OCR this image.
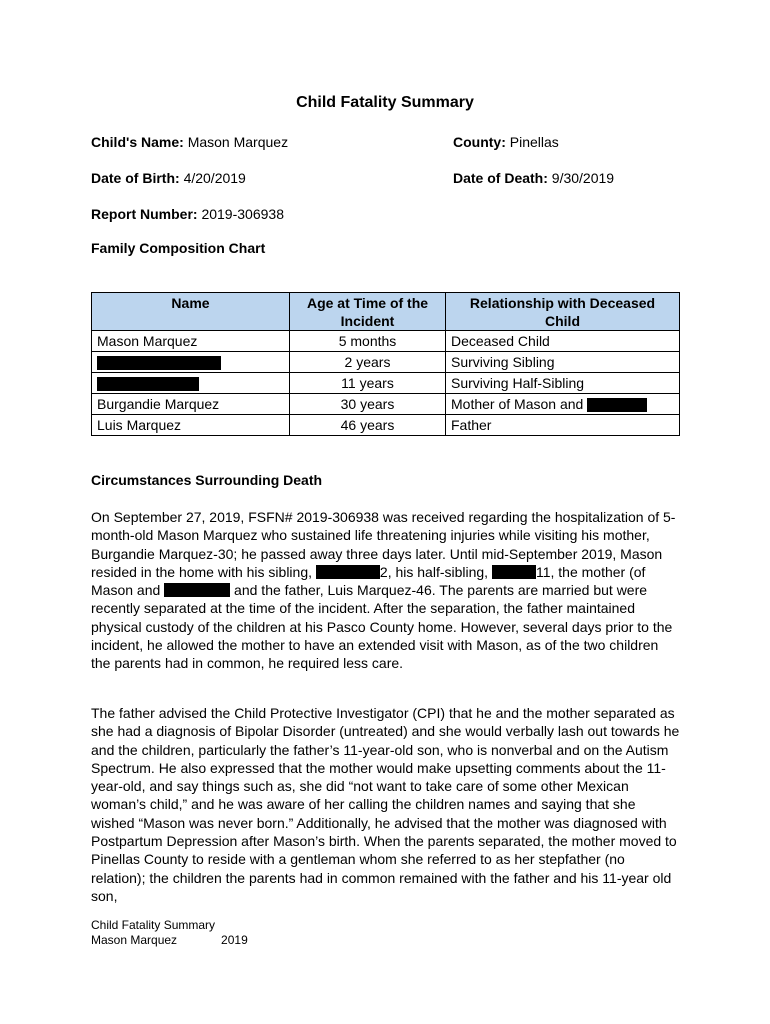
Child Fatality Summary
Child's Name: Mason Marquez	County: Pinellas
Date of Birth: 4/20/2019	Date of Death: 9/30/2019
Report Number: 2019-306938
Family Composition Chart
Name	Age at Time of the Incident	Relationship with Deceased Child
Mason Marquez	5 months	Deceased Child
	2 years	Surviving Sibling
	11 years	Surviving Half-Sibling
Burgandie Marquez	30 years	Mother of Mason and
Luis Marquez	46 years	Father
Circumstances Surrounding Death

On September 27, 2019, FSFN# 2019-306938 was received regarding the hospitalization of 5-month-old Mason Marquez who sustained life threatening injuries while visiting his mother, Burgandie Marquez-30; he passed away three days later. Until mid-September 2019, Mason resided in the home with his sibling,	2, his half-sibling,	11, the mother (of Mason and	and the father, Luis Marquez-46. The parents are married but were recently separated at the time of the incident. After the separation, the father maintained physical custody of the children at his Pasco County home. However, several days prior to the incident, he allowed the mother to have an extended visit with Mason, as of the two children the parents had in common, he required less care.

The father advised the Child Protective Investigator (CPI) that he and the mother separated as she had a diagnosis of Bipolar Disorder (untreated) and she would verbally lash out towards he and the children, particularly the father’s 11-year-old son, who is nonverbal and on the Autism Spectrum. He also expressed that the mother would make upsetting comments about the 11-year-old, and say things such as, she did “not want to take care of some other Mexican woman’s child,” and he was aware of her calling the children names and saying that she wished “Mason was never born.” Additionally, he advised that the mother was diagnosed with Postpartum Depression after Mason’s birth. When the parents separated, the mother moved to Pinellas County to reside with a gentleman whom she referred to as her stepfather (no relation); the children the parents had in common remained with the father and his 11-year old son,

Child Fatality Summary
Mason Marquez	2019
